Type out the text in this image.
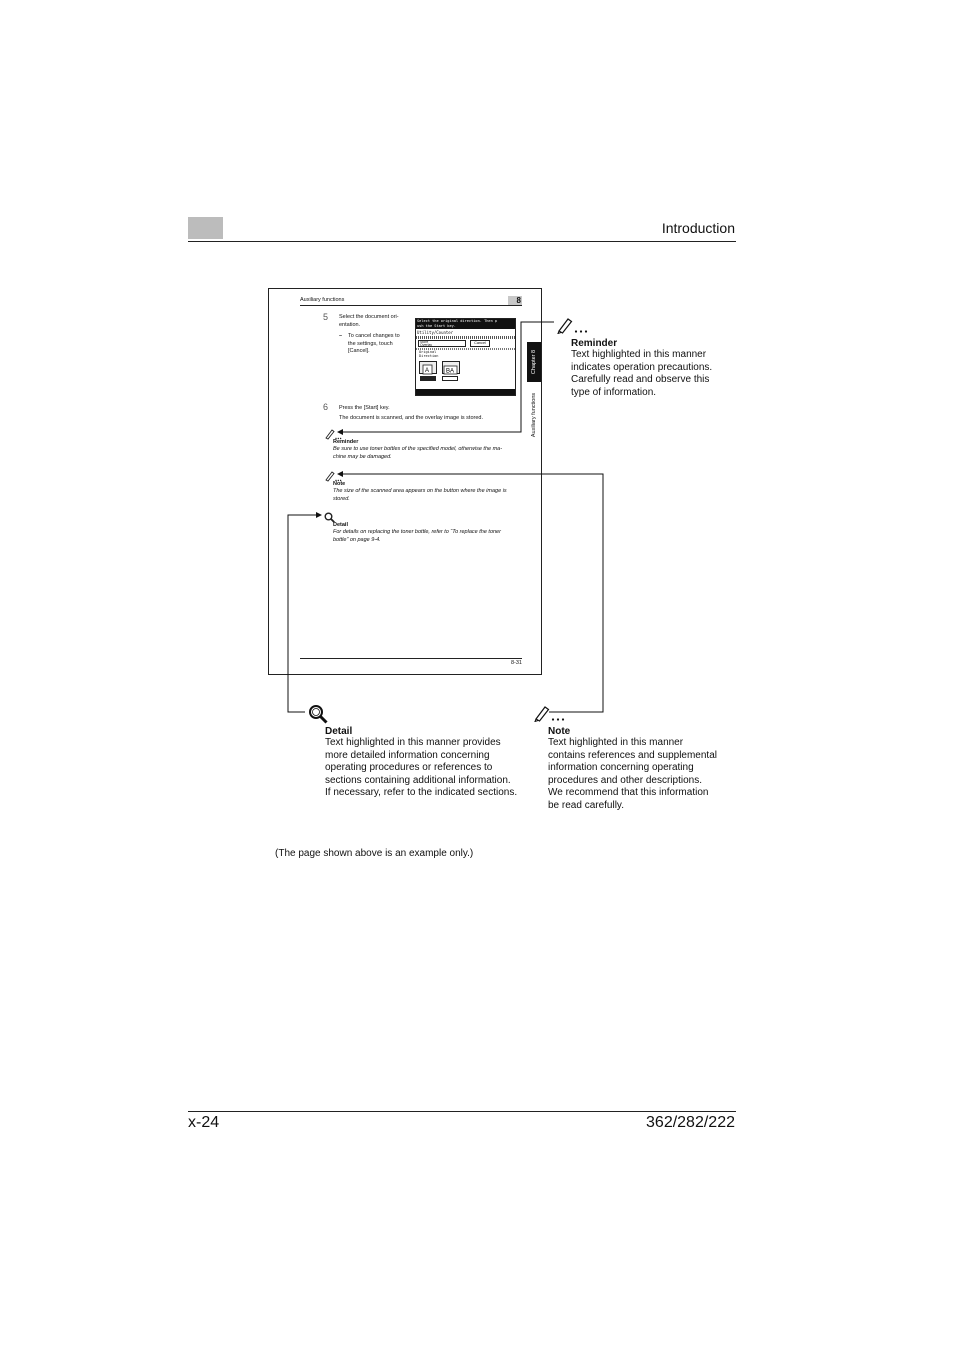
Introduction
Auxiliary functions	8
Chapter 8
Auxiliary functions
5 Select the document ori-
entation.
– To cancel changes to
the settings, touch
[Cancel].
Select the original direction. Then p
ush the Start key.
Utility/Counter
Store
Overlay	Cancel
Original
Direction
A	BA
6 Press the [Start] key.
The document is scanned, and the overlay image is stored.
Reminder
Be sure to use toner bottles of the specified model, otherwise the ma-
chine may be damaged.
Note
The size of the scanned area appears on the button where the image is
stored.
Detail
For details on replacing the toner bottle, refer to “To replace the toner
bottle” on page 9-4.
8-31
Reminder
Text highlighted in this manner
indicates operation precautions.
Carefully read and observe this
type of information.
Detail
Text highlighted in this manner provides
more detailed information concerning
operating procedures or references to
sections containing additional information.
If necessary, refer to the indicated sections.
Note
Text highlighted in this manner
contains references and supplemental
information concerning operating
procedures and other descriptions.
We recommend that this information
be read carefully.
(The page shown above is an example only.)
x-24	362/282/222
